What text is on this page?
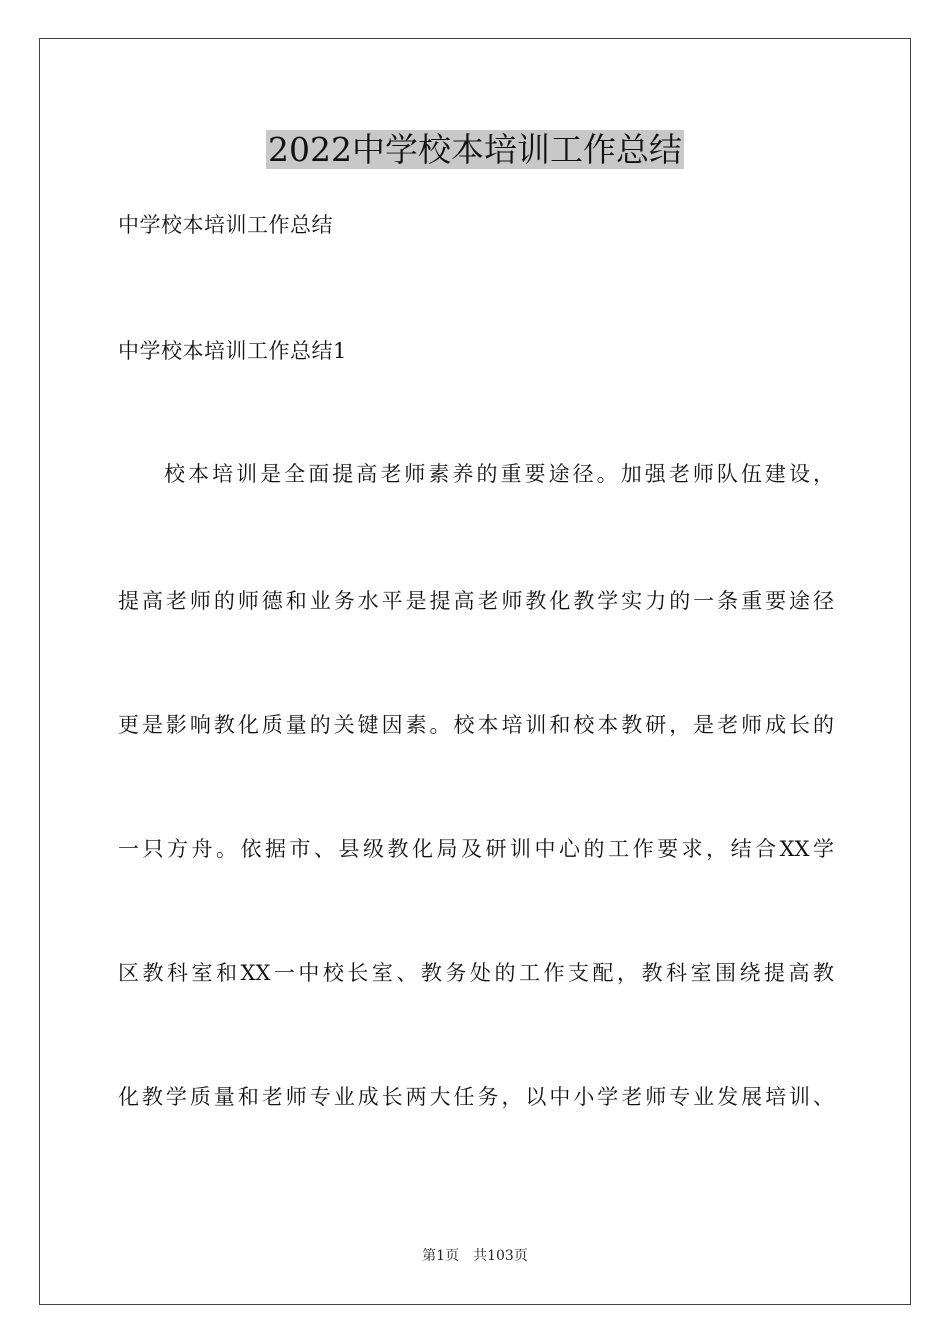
2022中学校本培训工作总结
中学校本培训工作总结
中学校本培训工作总结1
校本培训是全面提高老师素养的重要途径。加强老师队伍建设，
提高老师的师德和业务水平是提高老师教化教学实力的一条重要途径
更是影响教化质量的关键因素。校本培训和校本教研，是老师成长的
一只方舟。依据市、县级教化局及研训中心的工作要求，结合XX学
区教科室和XX一中校长室、教务处的工作支配，教科室围绕提高教
化教学质量和老师专业成长两大任务，以中小学老师专业发展培训、
第1页 共103页
